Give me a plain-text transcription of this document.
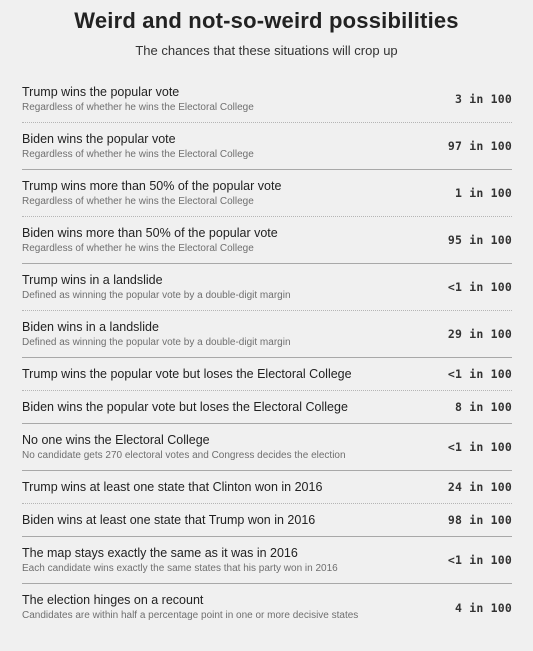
Weird and not-so-weird possibilities
The chances that these situations will crop up
Trump wins the popular vote
Regardless of whether he wins the Electoral College
3 in 100
Biden wins the popular vote
Regardless of whether he wins the Electoral College
97 in 100
Trump wins more than 50% of the popular vote
Regardless of whether he wins the Electoral College
1 in 100
Biden wins more than 50% of the popular vote
Regardless of whether he wins the Electoral College
95 in 100
Trump wins in a landslide
Defined as winning the popular vote by a double-digit margin
<1 in 100
Biden wins in a landslide
Defined as winning the popular vote by a double-digit margin
29 in 100
Trump wins the popular vote but loses the Electoral College	<1 in 100
Biden wins the popular vote but loses the Electoral College	8 in 100
No one wins the Electoral College
No candidate gets 270 electoral votes and Congress decides the election
<1 in 100
Trump wins at least one state that Clinton won in 2016	24 in 100
Biden wins at least one state that Trump won in 2016	98 in 100
The map stays exactly the same as it was in 2016
Each candidate wins exactly the same states that his party won in 2016
<1 in 100
The election hinges on a recount
Candidates are within half a percentage point in one or more decisive states
4 in 100
